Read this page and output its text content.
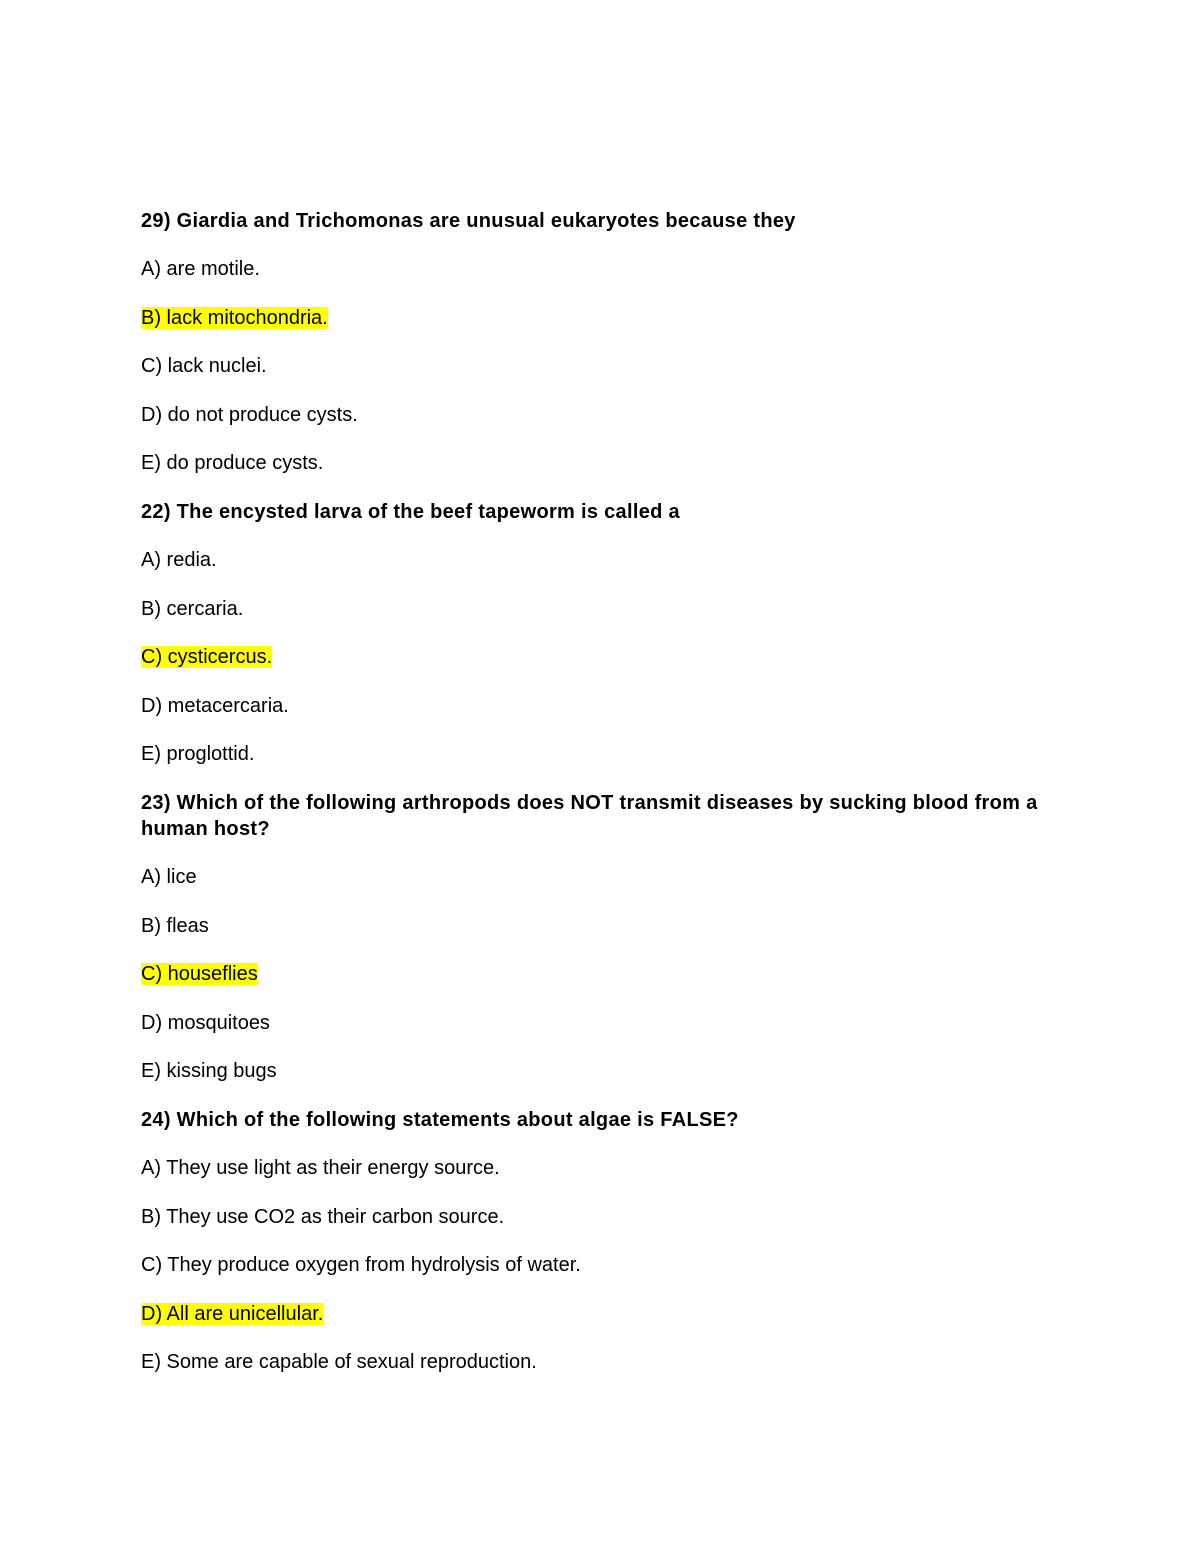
29) Giardia and Trichomonas are unusual eukaryotes because they

A) are motile.

B) lack mitochondria.

C) lack nuclei.

D) do not produce cysts.

E) do produce cysts.

22) The encysted larva of the beef tapeworm is called a

A) redia.

B) cercaria.

C) cysticercus.

D) metacercaria.

E) proglottid.

23) Which of the following arthropods does NOT transmit diseases by sucking blood from a human host?

A) lice

B) fleas

C) houseflies

D) mosquitoes

E) kissing bugs

24) Which of the following statements about algae is FALSE?

A) They use light as their energy source.

B) They use CO2 as their carbon source.

C) They produce oxygen from hydrolysis of water.

D) All are unicellular.

E) Some are capable of sexual reproduction.
